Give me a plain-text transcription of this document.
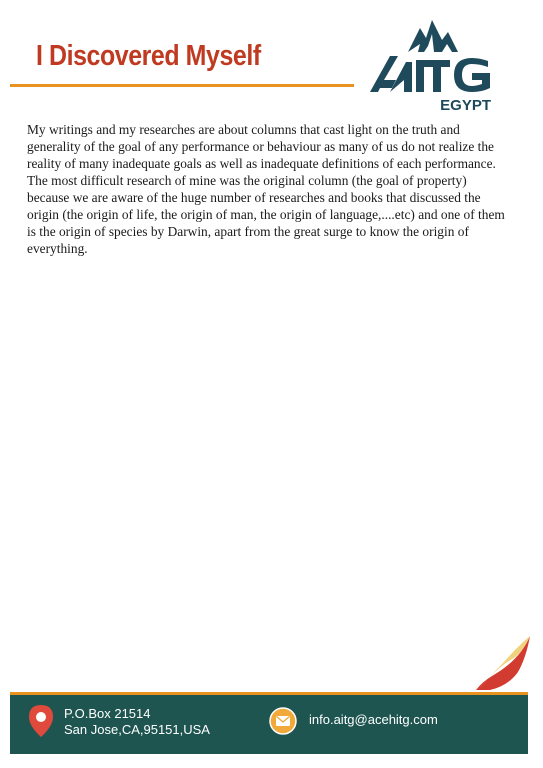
I Discovered Myself
EGYPT

My writings and my researches are about columns that cast light on the truth and generality of the goal of any performance or behaviour as many of us do not realize the reality of many inadequate goals as well as inadequate definitions of each performance.

The most difficult research of mine was the original column (the goal of property) because we are aware of the huge number of researches and books that discussed the origin (the origin of life, the origin of man, the origin of language,....etc) and one of them is the origin of species by Darwin, apart from the great surge to know the origin of everything.

P.O.Box 21514
San Jose,CA,95151,USA
info.aitg@acehitg.com
